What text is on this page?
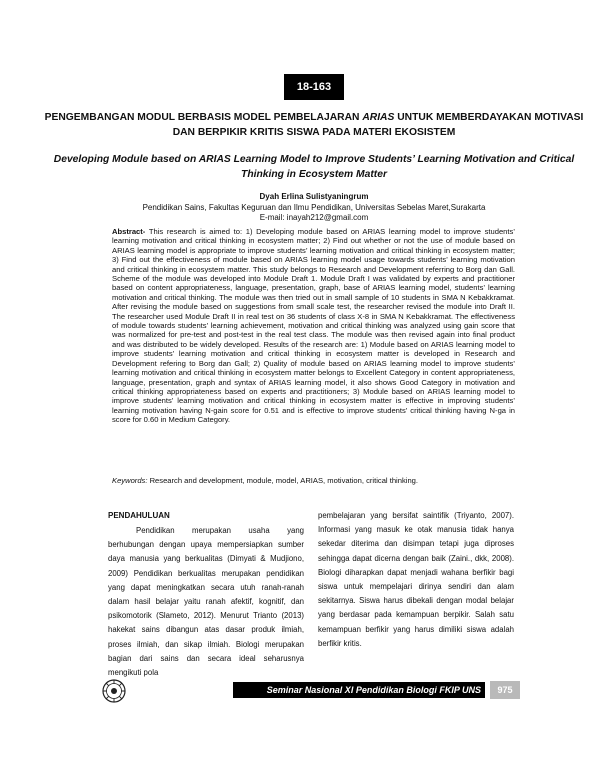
18-163
PENGEMBANGAN MODUL BERBASIS MODEL PEMBELAJARAN ARIAS UNTUK MEMBERDAYAKAN MOTIVASI DAN BERPIKIR KRITIS SISWA PADA MATERI EKOSISTEM
Developing Module based on ARIAS Learning Model to Improve Students’ Learning Motivation and Critical Thinking in Ecosystem Matter
Dyah Erlina Sulistyaningrum
Pendidikan Sains, Fakultas Keguruan dan Ilmu Pendidikan, Universitas Sebelas Maret,Surakarta
E-mail: inayah212@gmail.com
Abstract- This research is aimed to: 1) Developing module based on ARIAS learning model to improve students’ learning motivation and critical thinking in ecosystem matter; 2) Find out whether or not the use of module based on ARIAS learning model is appropriate to improve students’ learning motivation and critical thinking in ecosystem matter; 3) Find out the effectiveness of module based on ARIAS learning model usage towards students’ learning motivation and critical thinking in ecosystem matter. This study belongs to Research and Development referring to Borg dan Gall. Scheme of the module was developed into Module Draft 1. Module Draft I was validated by experts and practitioner based on content appropriateness, language, presentation, graph, base of ARIAS learning model, students’ learning motivation and critical thinking. The module was then tried out in small sample of 10 students in SMA N Kebakkramat. After revising the module based on suggestions from small scale test, the researcher revised the module into Draft II. The researcher used Module Draft II in real test on 36 students of class X-8 in SMA N Kebakkramat. The effectiveness of module towards students’ learning achievement, motivation and critical thinking was analyzed using gain score that was normalized for pre-test and post-test in the real test class. The module was then revised again into final product and was distributed to be widely developed. Results of the research are: 1) Module based on ARIAS learning model to improve students’ learning motivation and critical thinking in ecosystem matter is developed in Research and Development refering to Borg dan Gall; 2) Quality of module based on ARIAS learning model to improve students’ learning motivation and critical thinking in ecosystem matter belongs to Excellent Category in content appropriateness, language, presentation, graph and syntax of ARIAS learning model, it also shows Good Category in motivation and critical thinking appropriateness based on experts and practitioners; 3) Module based on ARIAS learning model to improve students’ learning motivation and critical thinking in ecosystem matter is effective in improving students’ learning motivation having N-gain score for 0.51 and is effective to improve students’ critical thinking having N-ga in score for 0.60 in Medium Category.
Keywords: Research and development, module, model, ARIAS, motivation, critical thinking.
PENDAHULUAN

Pendidikan merupakan usaha yang berhubungan dengan upaya mempersiapkan sumber daya manusia yang berkualitas (Dimyati & Mudjiono, 2009) Pendidikan berkualitas merupakan pendidikan yang dapat meningkatkan secara utuh ranah-ranah dalam hasil belajar yaitu ranah afektif, kognitif, dan psikomotorik (Slameto, 2012). Menurut Trianto (2013) hakekat sains dibangun atas dasar produk ilmiah, proses ilmiah, dan sikap ilmiah. Biologi merupakan bagian dari sains dan secara ideal seharusnya mengikuti pola

pembelajaran yang bersifat saintifik (Triyanto, 2007). Informasi yang masuk ke otak manusia tidak hanya sekedar diterima dan disimpan tetapi juga diproses sehingga dapat dicerna dengan baik (Zaini., dkk, 2008). Biologi diharapkan dapat menjadi wahana berfikir bagi siswa untuk mempelajari dirinya sendiri dan alam sekitarnya. Siswa harus dibekali dengan modal belajar yang berdasar pada kemampuan berpikir. Salah satu kemampuan berfikir yang harus dimiliki siswa adalah berfikir kritis.

Seminar Nasional XI Pendidikan Biologi FKIP UNS	975
